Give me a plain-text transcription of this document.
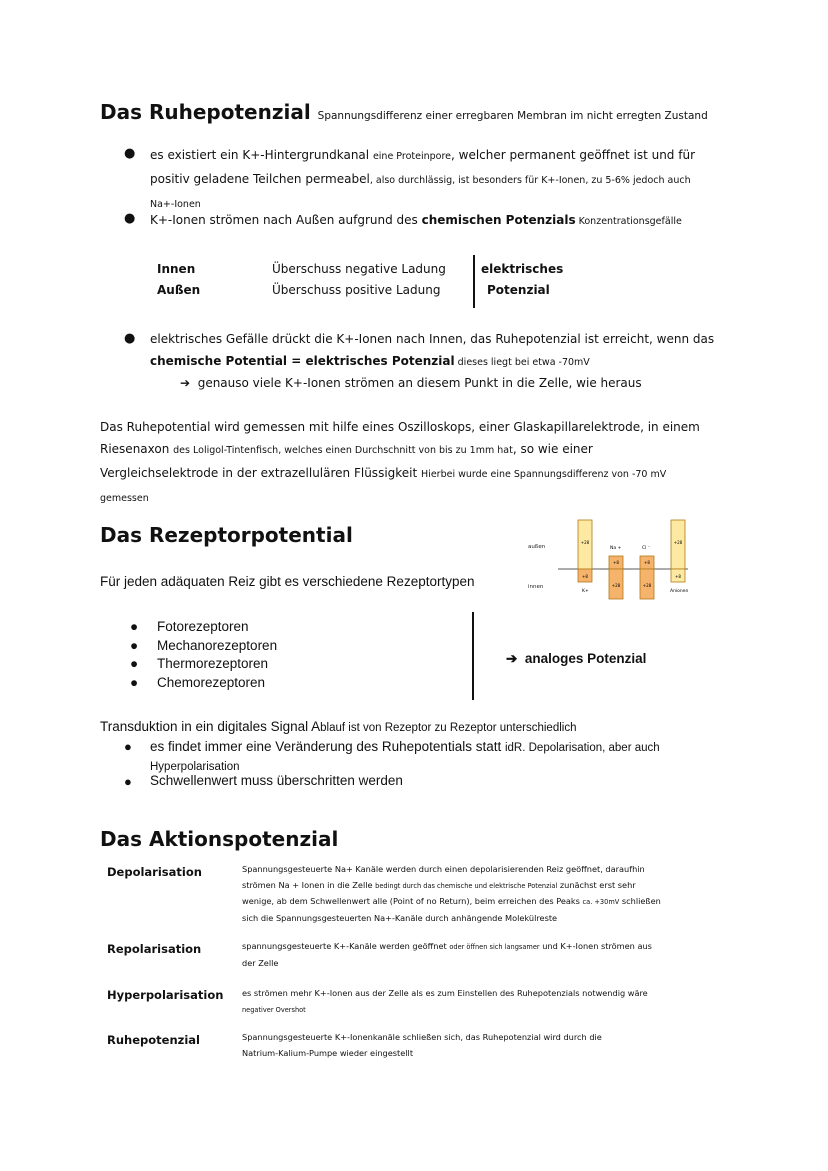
Das Ruhepotenzial Spannungsdifferenz einer erregbaren Membran im nicht erregten Zustand
● es existiert ein K+-Hintergrundkanal eine Proteinpore, welcher permanent geöffnet ist und für
positiv geladene Teilchen permeabel, also durchlässig, ist besonders für K+-Ionen, zu 5-6% jedoch auch
Na+-Ionen
● K+-Ionen strömen nach Außen aufgrund des chemischen Potenzials Konzentrationsgefälle
Innen	Überschuss negative Ladung
Außen	Überschuss positive Ladung
elektrisches
Potenzial
● elektrisches Gefälle drückt die K+-Ionen nach Innen, das Ruhepotenzial ist erreicht, wenn das
chemische Potential = elektrisches Potenzial dieses liegt bei etwa -70mV
➔ genauso viele K+-Ionen strömen an diesem Punkt in die Zelle, wie heraus
Das Ruhepotential wird gemessen mit hilfe eines Oszilloskops, einer Glaskapillarelektrode, in einem
Riesenaxon des Loligol-Tintenfisch, welches einen Durchschnitt von bis zu 1mm hat, so wie einer
Vergleichselektrode in der extrazellulären Flüssigkeit Hierbei wurde eine Spannungsdifferenz von -70 mV
gemessen
Das Rezeptorpotential	außen
innen
+28
+8
K+
+8
+28
Na +
+8
+28
Cl ⁻
+28
+8
Anionen
Für jeden adäquaten Reiz gibt es verschiedene Rezeptortypen
● Fotorezeptoren
● Mechanorezeptoren
● Thermorezeptoren
● Chemorezeptoren
➔ analoges Potenzial
Transduktion in ein digitales Signal Ablauf ist von Rezeptor zu Rezeptor unterschiedlich
● es findet immer eine Veränderung des Ruhepotentials statt idR. Depolarisation, aber auch
Hyperpolarisation
● Schwellenwert muss überschritten werden
Das Aktionspotenzial
Depolarisation	Spannungsgesteuerte Na+ Kanäle werden durch einen depolarisierenden Reiz geöffnet, daraufhin
strömen Na + Ionen in die Zelle bedingt durch das chemische und elektrische Potenzial zunächst erst sehr
wenige, ab dem Schwellenwert alle (Point of no Return), beim erreichen des Peaks ca. +30mV schließen
sich die Spannungsgesteuerten Na+-Kanäle durch anhängende Molekülreste
Repolarisation	spannungsgesteuerte K+-Kanäle werden geöffnet oder öffnen sich langsamer und K+-Ionen strömen aus
der Zelle
Hyperpolarisation es strömen mehr K+-Ionen aus der Zelle als es zum Einstellen des Ruhepotenzials notwendig wäre
negativer Overshot
Ruhepotenzial	Spannungsgesteuerte K+-Ionenkanäle schließen sich, das Ruhepotenzial wird durch die
Natrium-Kalium-Pumpe wieder eingestellt
